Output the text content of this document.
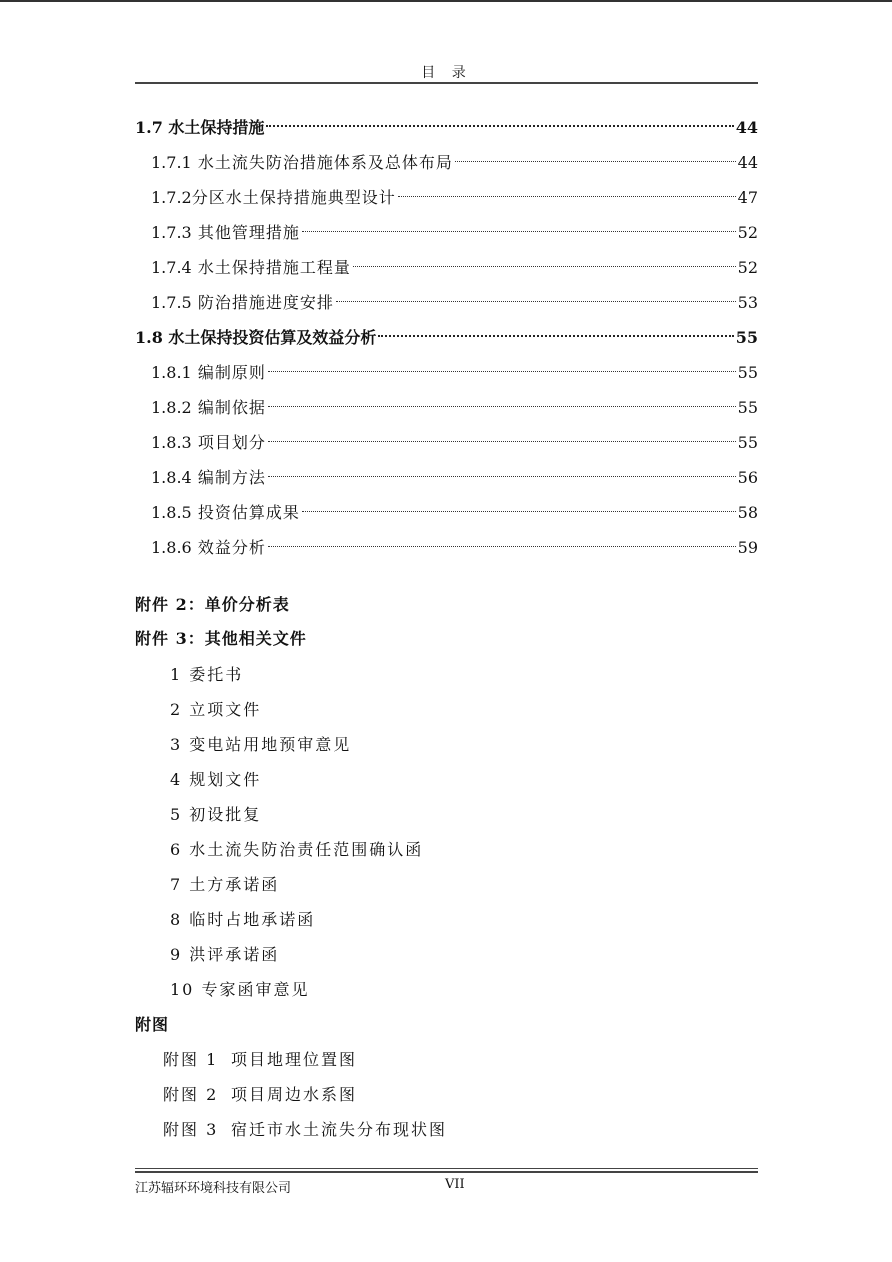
目 录
1.7 水土保持措施	44
1.7.1 水土流失防治措施体系及总体布局	44
1.7.2分区水土保持措施典型设计	47
1.7.3 其他管理措施	52
1.7.4 水土保持措施工程量	52
1.7.5 防治措施进度安排	53
1.8 水土保持投资估算及效益分析	55
1.8.1 编制原则	55
1.8.2 编制依据	55
1.8.3 项目划分	55
1.8.4 编制方法	56
1.8.5 投资估算成果	58
1.8.6 效益分析	59
附件 2：单价分析表
附件 3：其他相关文件
1 委托书
2 立项文件
3 变电站用地预审意见
4 规划文件
5 初设批复
6 水土流失防治责任范围确认函
7 土方承诺函
8 临时占地承诺函
9 洪评承诺函
10 专家函审意见
附图
附图 1 项目地理位置图
附图 2 项目周边水系图
附图 3 宿迁市水土流失分布现状图
江苏辐环环境科技有限公司	VII
